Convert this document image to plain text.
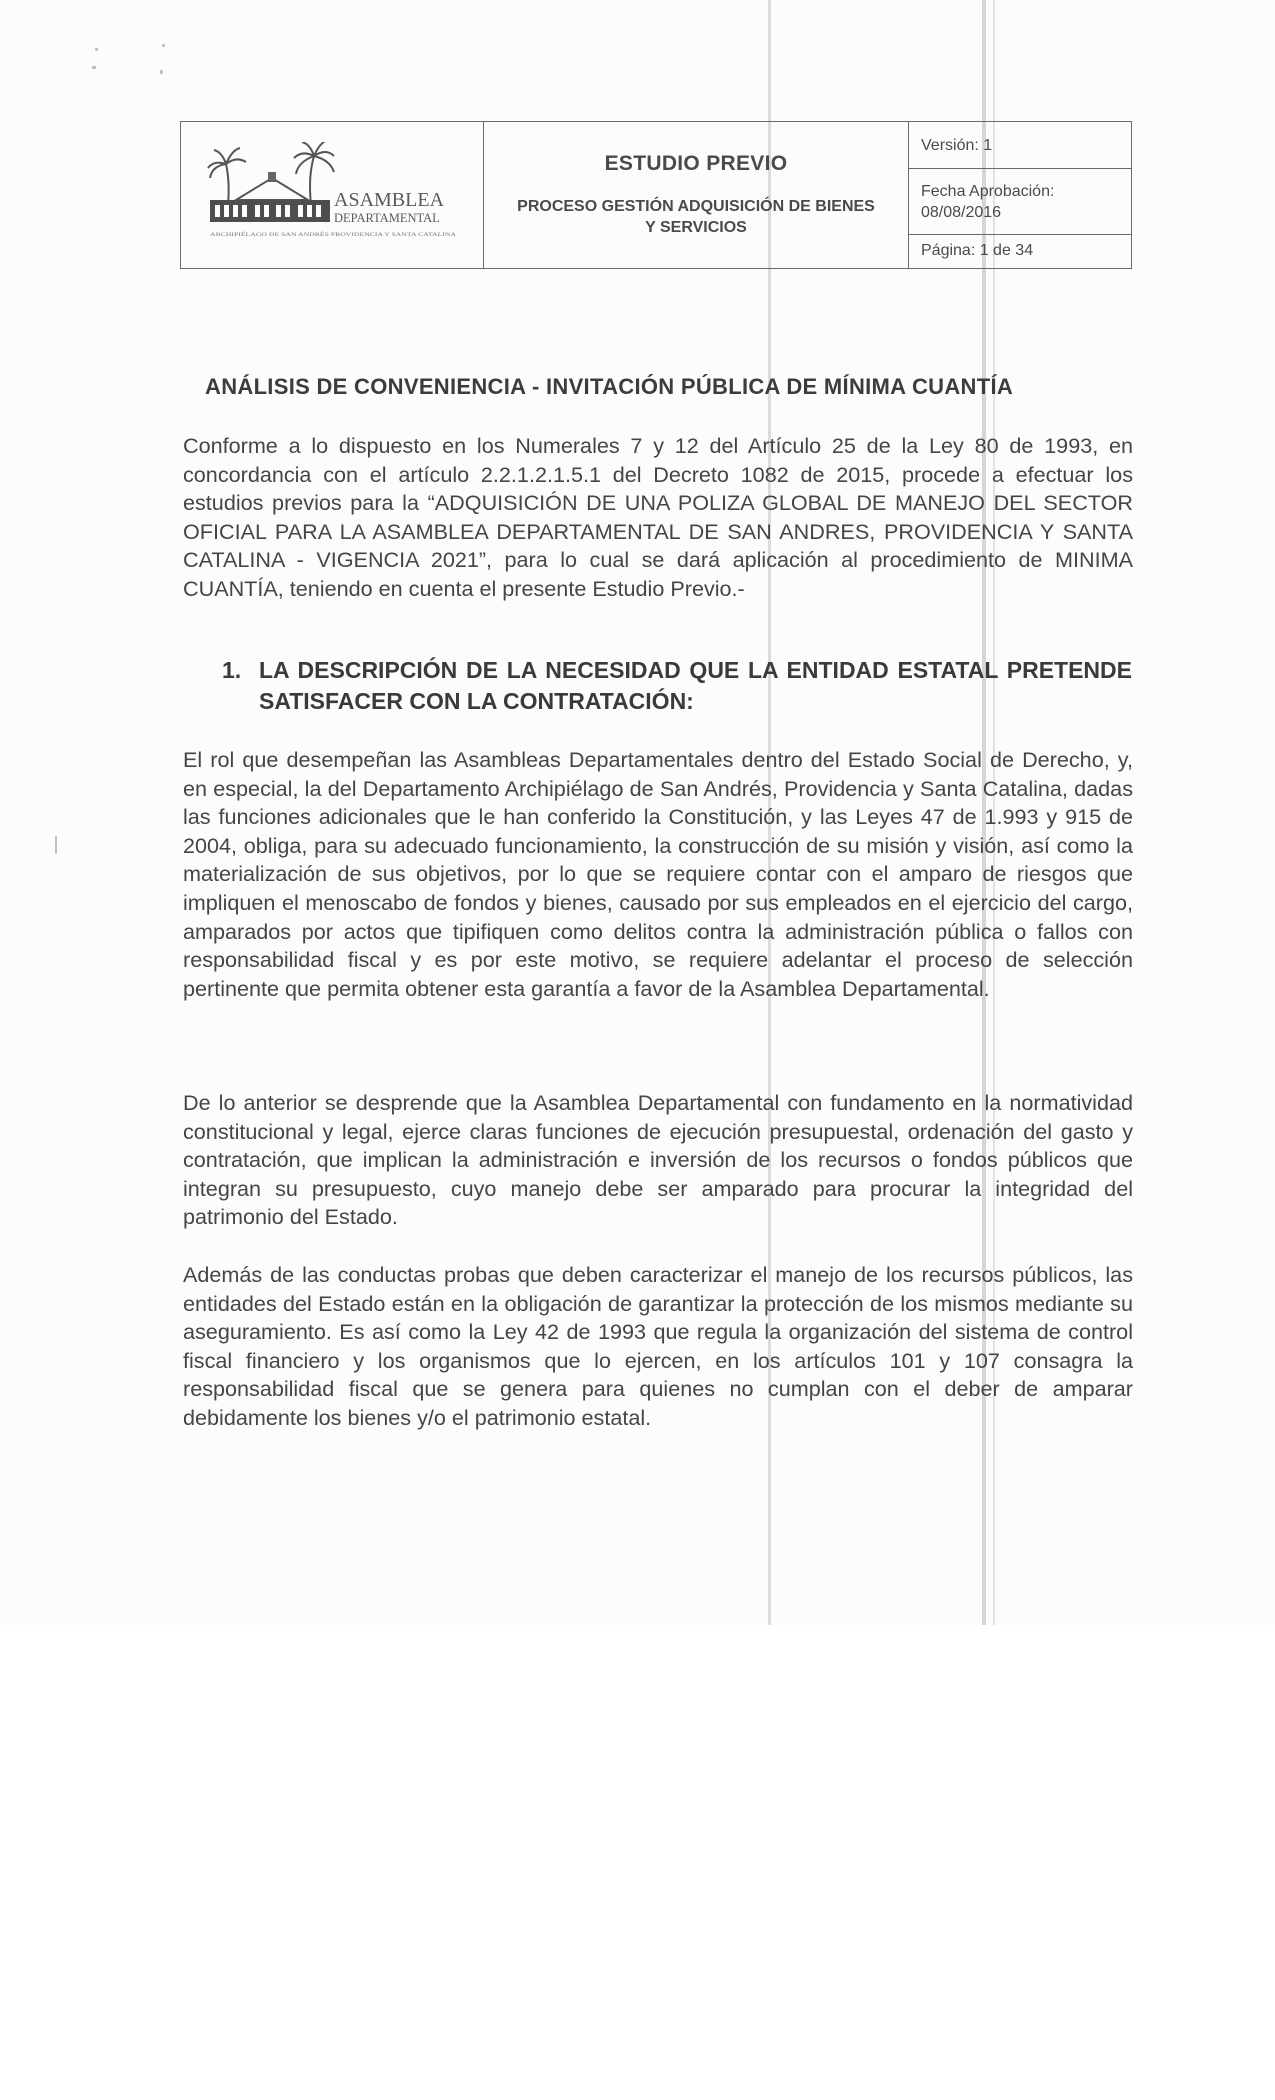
ASAMBLEA
DEPARTAMENTAL
ARCHIPIÉLAGO DE SAN ANDRÉS PROVIDENCIA Y SANTA CATALINA
ESTUDIO PREVIO
PROCESO GESTIÓN ADQUISICIÓN DE BIENES Y SERVICIOS
Versión: 1
Fecha Aprobación:
08/08/2016
Página: 1 de 34
ANÁLISIS DE CONVENIENCIA - INVITACIÓN PÚBLICA DE MÍNIMA CUANTÍA

Conforme a lo dispuesto en los Numerales 7 y 12 del Artículo 25 de la Ley 80 de 1993, en concordancia con el artículo 2.2.1.2.1.5.1 del Decreto 1082 de 2015, procede a efectuar los estudios previos para la “ADQUISICIÓN DE UNA POLIZA GLOBAL DE MANEJO DEL SECTOR OFICIAL PARA LA ASAMBLEA DEPARTAMENTAL DE SAN ANDRES, PROVIDENCIA Y SANTA CATALINA - VIGENCIA 2021”, para lo cual se dará aplicación al procedimiento de MINIMA CUANTÍA, teniendo en cuenta el presente Estudio Previo.-

1. LA DESCRIPCIÓN DE LA NECESIDAD QUE LA ENTIDAD ESTATAL PRETENDE SATISFACER CON LA CONTRATACIÓN:

El rol que desempeñan las Asambleas Departamentales dentro del Estado Social de Derecho, y, en especial, la del Departamento Archipiélago de San Andrés, Providencia y Santa Catalina, dadas las funciones adicionales que le han conferido la Constitución, y las Leyes 47 de 1.993 y 915 de 2004, obliga, para su adecuado funcionamiento, la construcción de su misión y visión, así como la materialización de sus objetivos, por lo que se requiere contar con el amparo de riesgos que impliquen el menoscabo de fondos y bienes, causado por sus empleados en el ejercicio del cargo, amparados por actos que tipifiquen como delitos contra la administración pública o fallos con responsabilidad fiscal y es por este motivo, se requiere adelantar el proceso de selección pertinente que permita obtener esta garantía a favor de la Asamblea Departamental.

De lo anterior se desprende que la Asamblea Departamental con fundamento en la normatividad constitucional y legal, ejerce claras funciones de ejecución presupuestal, ordenación del gasto y contratación, que implican la administración e inversión de los recursos o fondos públicos que integran su presupuesto, cuyo manejo debe ser amparado para procurar la integridad del patrimonio del Estado.

Además de las conductas probas que deben caracterizar el manejo de los recursos públicos, las entidades del Estado están en la obligación de garantizar la protección de los mismos mediante su aseguramiento. Es así como la Ley 42 de 1993 que regula la organización del sistema de control fiscal financiero y los organismos que lo ejercen, en los artículos 101 y 107 consagra la responsabilidad fiscal que se genera para quienes no cumplan con el deber de amparar debidamente los bienes y/o el patrimonio estatal.
